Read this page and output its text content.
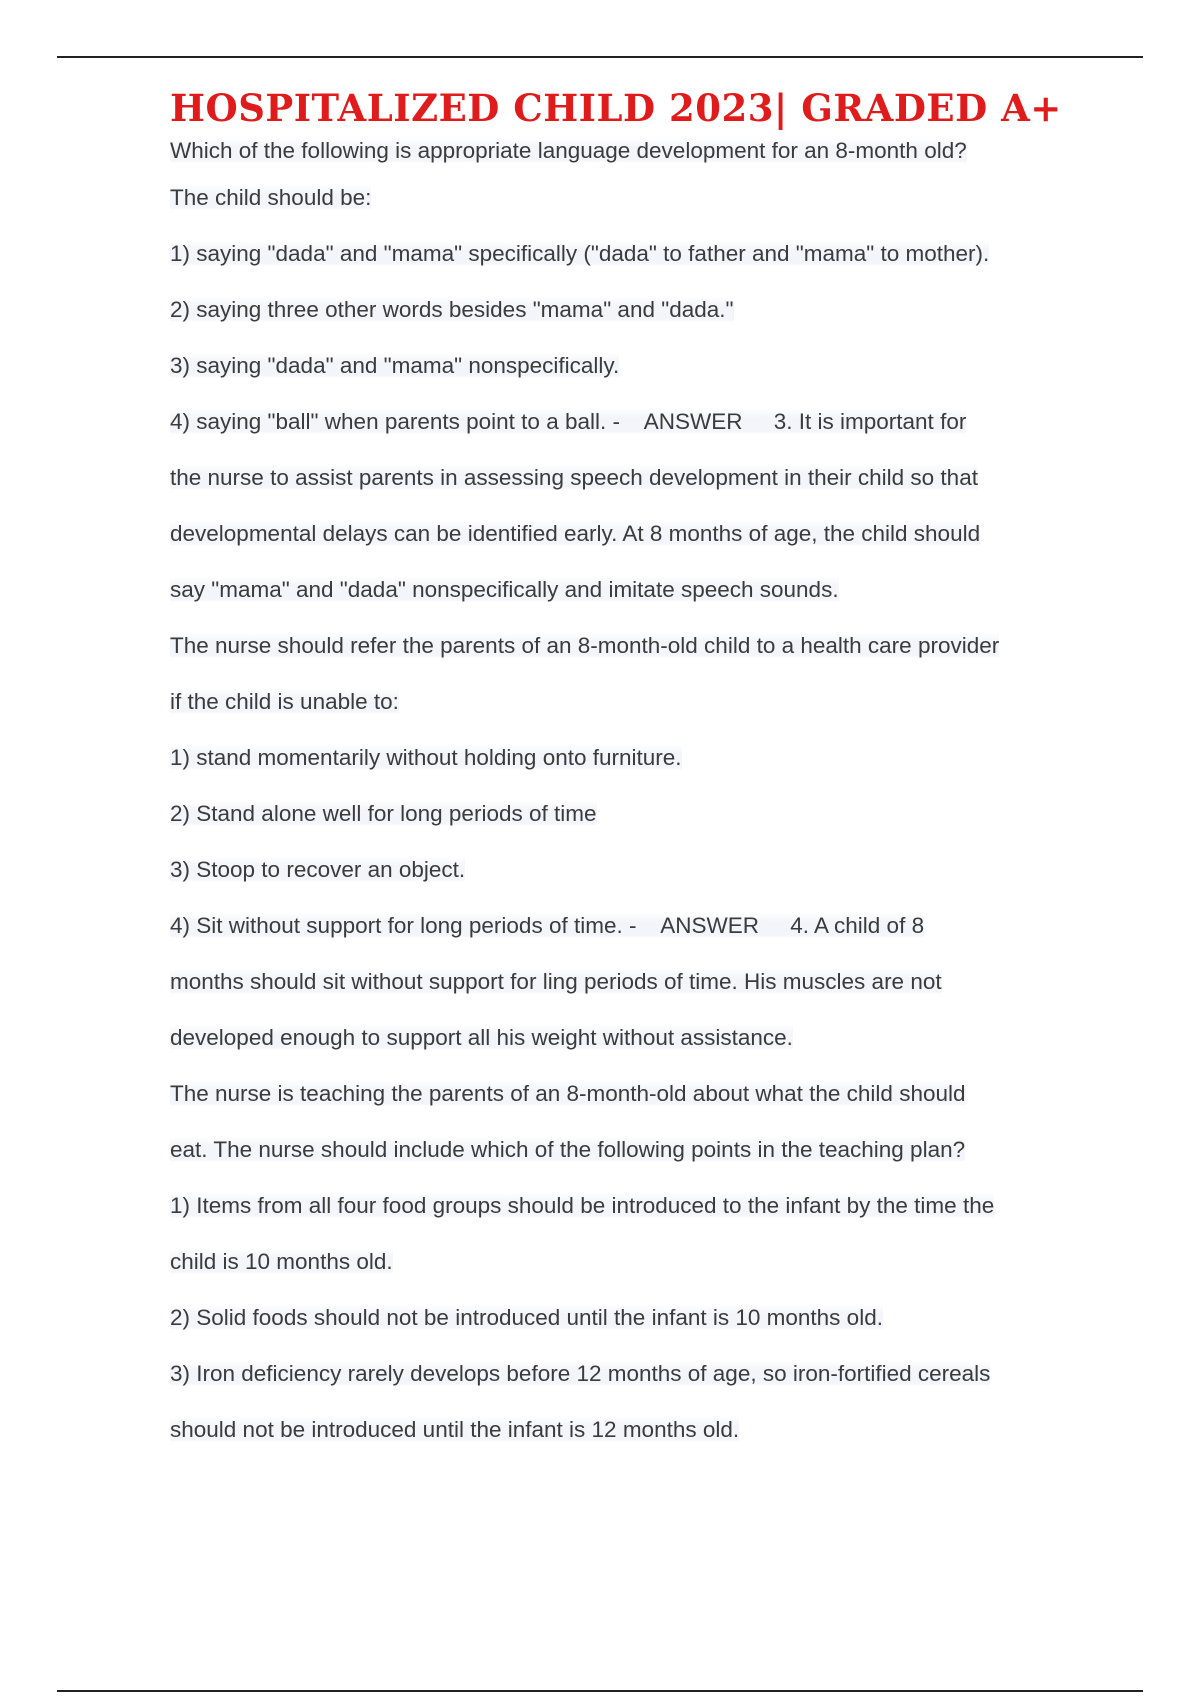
HOSPITALIZED CHILD 2023| GRADED A+
Which of the following is appropriate language development for an 8-month old?
The child should be:
1) saying "dada" and "mama" specifically ("dada" to father and "mama" to mother).
2) saying three other words besides "mama" and "dada."
3) saying "dada" and "mama" nonspecifically.
4) saying "ball" when parents point to a ball. -    ANSWER     3. It is important for
the nurse to assist parents in assessing speech development in their child so that
developmental delays can be identified early. At 8 months of age, the child should
say "mama" and "dada" nonspecifically and imitate speech sounds.
The nurse should refer the parents of an 8-month-old child to a health care provider
if the child is unable to:
1) stand momentarily without holding onto furniture.
2) Stand alone well for long periods of time
3) Stoop to recover an object.
4) Sit without support for long periods of time. -    ANSWER     4. A child of 8
months should sit without support for ling periods of time. His muscles are not
developed enough to support all his weight without assistance.
The nurse is teaching the parents of an 8-month-old about what the child should
eat. The nurse should include which of the following points in the teaching plan?
1) Items from all four food groups should be introduced to the infant by the time the
child is 10 months old.
2) Solid foods should not be introduced until the infant is 10 months old.
3) Iron deficiency rarely develops before 12 months of age, so iron-fortified cereals
should not be introduced until the infant is 12 months old.
